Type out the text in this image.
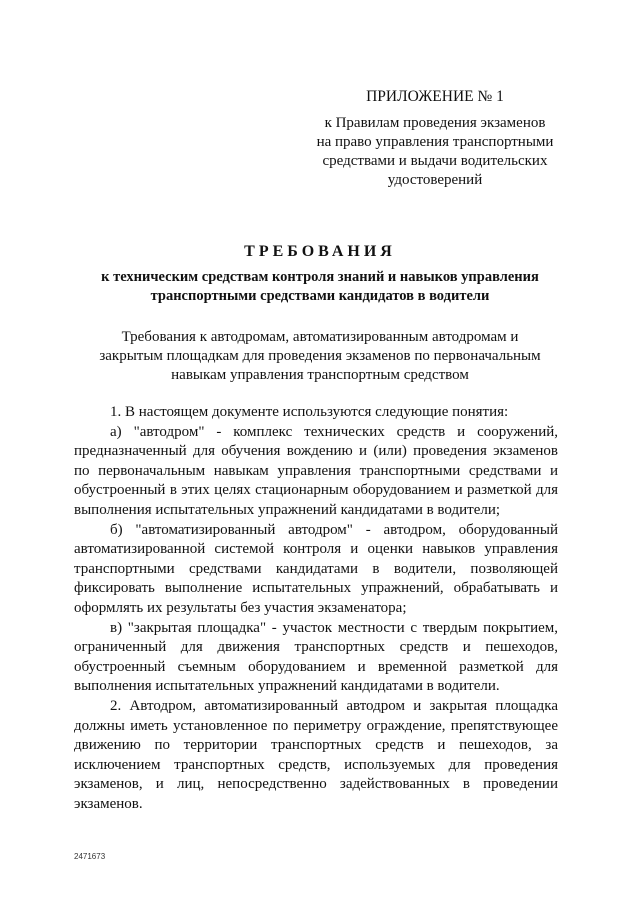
ПРИЛОЖЕНИЕ № 1
к Правилам проведения экзаменов
на право управления транспортными
средствами и выдачи водительских
удостоверений
ТРЕБОВАНИЯ
к техническим средствам контроля знаний и навыков управления
транспортными средствами кандидатов в водители
Требования к автодромам, автоматизированным автодромам и
закрытым площадкам для проведения экзаменов по первоначальным
навыкам управления транспортным средством

1. В настоящем документе используются следующие понятия:

а) "автодром" - комплекс технических средств и сооружений, предназначенный для обучения вождению и (или) проведения экзаменов по первоначальным навыкам управления транспортными средствами и обустроенный в этих целях стационарным оборудованием и разметкой для выполнения испытательных упражнений кандидатами в водители;

б) "автоматизированный автодром" - автодром, оборудованный автоматизированной системой контроля и оценки навыков управления транспортными средствами кандидатами в водители, позволяющей фиксировать выполнение испытательных упражнений, обрабатывать и оформлять их результаты без участия экзаменатора;

в) "закрытая площадка" - участок местности с твердым покрытием, ограниченный для движения транспортных средств и пешеходов, обустроенный съемным оборудованием и временной разметкой для выполнения испытательных упражнений кандидатами в водители.

2. Автодром, автоматизированный автодром и закрытая площадка должны иметь установленное по периметру ограждение, препятствующее движению по территории транспортных средств и пешеходов, за исключением транспортных средств, используемых для проведения экзаменов, и лиц, непосредственно задействованных в проведении экзаменов.

2471673
